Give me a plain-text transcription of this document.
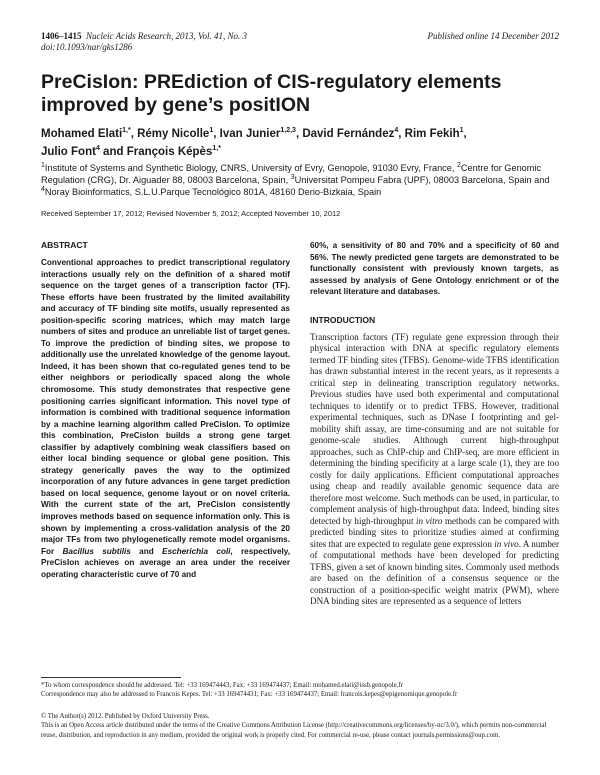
1406–1415 Nucleic Acids Research, 2013, Vol. 41, No. 3
doi:10.1093/nar/gks1286
Published online 14 December 2012
PreCisIon: PREdiction of CIS-regulatory elements improved by gene’s positION
Mohamed Elati$^{1,*}$, Rémy Nicolle$^1$, Ivan Junier$^{1,2,3}$, David Fernández$^4$, Rim Fekih$^1$,
Julio Font$^4$ and François Képès$^{1,*}$
$^1$Institute of Systems and Synthetic Biology, CNRS, University of Evry, Genopole, 91030 Evry, France, $^2$Centre for Genomic Regulation (CRG), Dr. Aiguader 88, 08003 Barcelona, Spain, $^3$Universitat Pompeu Fabra (UPF), 08003 Barcelona, Spain and $^4$Noray Bioinformatics, S.L.U.Parque Tecnológico 801A, 48160 Derio-Bizkaia, Spain
Received September 17, 2012; Revised November 5, 2012; Accepted November 10, 2012
ABSTRACT

Conventional approaches to predict transcriptional regulatory interactions usually rely on the definition of a shared motif sequence on the target genes of a transcription factor (TF). These efforts have been frustrated by the limited availability and accuracy of TF binding site motifs, usually represented as position-specific scoring matrices, which may match large numbers of sites and produce an unreliable list of target genes. To improve the prediction of binding sites, we propose to additionally use the unrelated knowledge of the genome layout. Indeed, it has been shown that co-regulated genes tend to be either neighbors or periodically spaced along the whole chromosome. This study demonstrates that respective gene positioning carries significant information. This novel type of information is combined with traditional sequence information by a machine learning algorithm called PreCisIon. To optimize this combination, PreCisIon builds a strong gene target classifier by adaptively combining weak classifiers based on either local binding sequence or global gene position. This strategy generically paves the way to the optimized incorporation of any future advances in gene target prediction based on local sequence, genome layout or on novel criteria. With the current state of the art, PreCisIon consistently improves methods based on sequence information only. This is shown by implementing a cross-validation analysis of the 20 major TFs from two phylogenetically remote model organisms. For Bacillus subtilis and Escherichia coli, respectively, PreCisIon achieves on average an area under the receiver operating characteristic curve of 70 and

60%, a sensitivity of 80 and 70% and a specificity of 60 and 56%. The newly predicted gene targets are demonstrated to be functionally consistent with previously known targets, as assessed by analysis of Gene Ontology enrichment or of the relevant literature and databases.

INTRODUCTION

Transcription factors (TF) regulate gene expression through their physical interaction with DNA at specific regulatory elements termed TF binding sites (TFBS). Genome-wide TFBS identification has drawn substantial interest in the recent years, as it represents a critical step in delineating transcription regulatory networks. Previous studies have used both experimental and computational techniques to identify or to predict TFBS. However, traditional experimental techniques, such as DNase I footprinting and gel-mobility shift assay, are time-consuming and are not suitable for genome-scale studies. Although current high-throughput approaches, such as ChIP-chip and ChIP-seq, are more efficient in determining the binding specificity at a large scale (1), they are too costly for daily applications. Efficient computational approaches using cheap and readily available genomic sequence data are therefore most welcome. Such methods can be used, in particular, to complement analysis of high-throughput data. Indeed, binding sites detected by high-throughput in vitro methods can be compared with predicted binding sites to prioritize studies aimed at confirming sites that are expected to regulate gene expression in vivo. A number of computational methods have been developed for predicting TFBS, given a set of known binding sites. Commonly used methods are based on the definition of a consensus sequence or the construction of a position-specific weight matrix (PWM), where DNA binding sites are represented as a sequence of letters

*To whom correspondence should be addressed. Tel: +33 169474443; Fax: +33 169474437; Email: mohamed.elati@issb.genopole.fr
Correspondence may also be addressed to Francois Kepes. Tel: +33 169474431; Fax: +33 169474437; Email: francois.kepes@epigenomique.genopole.fr
© The Author(s) 2012. Published by Oxford University Press.
This is an Open Access article distributed under the terms of the Creative Commons Attribution License (http://creativecommons.org/licenses/by-nc/3.0/), which permits non-commercial reuse, distribution, and reproduction in any medium, provided the original work is properly cited. For commercial re-use, please contact journals.permissions@oup.com.
